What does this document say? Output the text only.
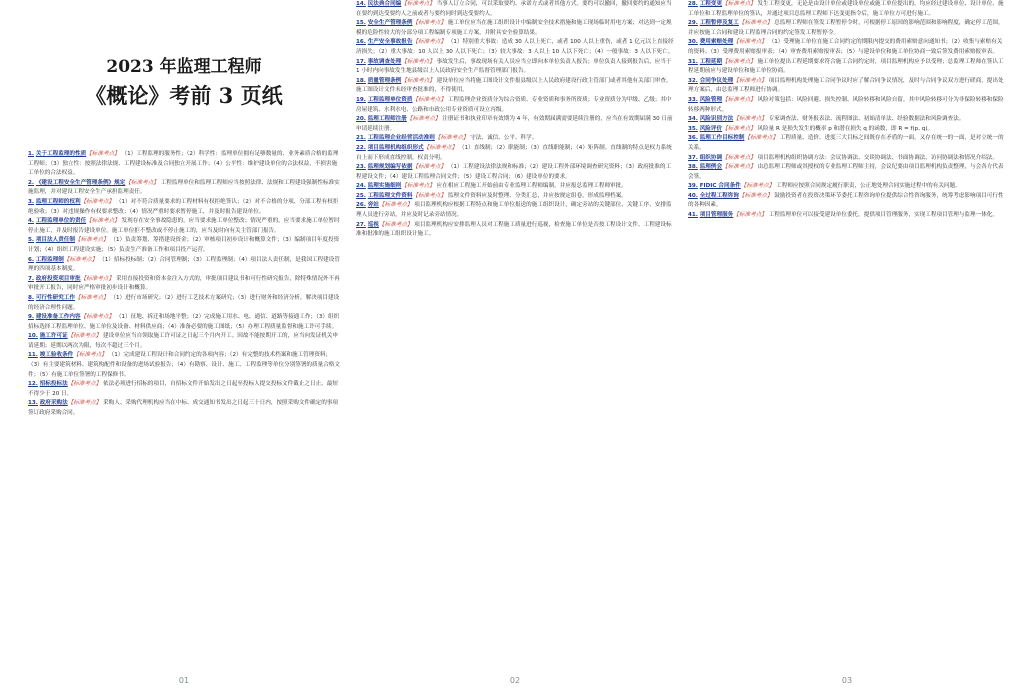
2023 年监理工程师
《概论》考前 3 页纸

1. 关于工程监理的性质【标准考点】 （1）工程监理的服务性；（2）科学性：监理单位拥有足够数量的、业务素质合格的监理工程师；（3）独立性：按照法律法规、工程建设标准及合同独立开展工作；（4）公平性：维护建设单位的合法权益，不损害施工单位的合法权益。

2. 《建设工程安全生产管理条例》规定【标准考点】 工程监理单位和监理工程师应当按照法律、法规和工程建设强制性标准实施监理，并对建设工程安全生产承担监理责任。

3. 监理工程师的权利【标准考点】 （1）对不符合质量要求的工程材料有权拒绝签认；（2）对不合格的分项、分部工程有权拒绝验收；（3）对违规操作有权要求整改；（4）情况严重时要求暂停施工，并及时报告建设单位。

4. 工程监理单位的责任【标准考点】 发现存在安全事故隐患的，应当要求施工单位整改；情况严重的，应当要求施工单位暂时停止施工，并及时报告建设单位。施工单位拒不整改或不停止施工的，应当及时向有关主管部门报告。

5. 项目法人责任制【标准考点】 （1）负责筹划、筹措建设资金；（2）审核项目初步设计和概算文件；（3）编制项目年度投资计划；（4）组织工程建设实施；（5）负责生产准备工作和项目投产运营。

6. 工程监理制【标准考点】 （1）招标投标制；（2）合同管理制；（3）工程监理制；（4）项目法人责任制，是我国工程建设管理的四项基本制度。

7. 政府投资项目审批【标准考点】 采用直接投资和资本金注入方式的，审批项目建议书和可行性研究报告，除特殊情况外不再审批开工报告，同时应严格审批初步设计和概算。

8. 可行性研究工作【标准考点】 （1）进行市场研究；（2）进行工艺技术方案研究；（3）进行财务和经济分析，解决项目建设的经济合理性问题。

9. 建设准备工作内容【标准考点】 （1）征地、拆迁和场地平整；（2）完成施工用水、电、通信、道路等接通工作；（3）组织招标选择工程监理单位、施工单位及设备、材料供应商；（4）准备必要的施工图纸；（5）办理工程质量监督和施工许可手续。

10. 施工许可证【标准考点】 建设单位应当自领取施工许可证之日起三个月内开工。因故不能按期开工的，应当向发证机关申请延期；延期以两次为限，每次不超过三个月。

11. 竣工验收条件【标准考点】 （1）完成建设工程设计和合同约定的各项内容；（2）有完整的技术档案和施工管理资料；（3）有主要建筑材料、建筑构配件和设备的进场试验报告；（4）有勘察、设计、施工、工程监理等单位分别签署的质量合格文件；（5）有施工单位签署的工程保修书。

12. 招标投标法【标准考点】 依法必须进行招标的项目，自招标文件开始发出之日起至投标人提交投标文件截止之日止，最短不得少于 20 日。

13. 政府采购法【标准考点】 采购人、采购代理机构应当在中标、成交通知书发出之日起三十日内，按照采购文件确定的事项签订政府采购合同。

14. 民法典合同编【标准考点】 当事人订立合同，可以采取要约、承诺方式或者其他方式。要约可以撤回，撤回要约的通知应当在要约到达受要约人之前或者与要约同时到达受要约人。

15. 安全生产管理条例【标准考点】 施工单位应当在施工组织设计中编制安全技术措施和施工现场临时用电方案；对达到一定规模的危险性较大的分部分项工程编制专项施工方案，并附具安全验算结果。

16. 生产安全事故报告【标准考点】 （1）特别重大事故：造成 30 人以上死亡，或者 100 人以上重伤，或者 1 亿元以上直接经济损失；（2）重大事故：10 人以上 30 人以下死亡；（3）较大事故：3 人以上 10 人以下死亡；（4）一般事故：3 人以下死亡。

17. 事故调查处理【标准考点】 事故发生后，事故现场有关人员应当立即向本单位负责人报告；单位负责人接到报告后，应当于 1 小时内向事故发生地县级以上人民政府安全生产监督管理部门报告。

18. 质量管理条例【标准考点】 建设单位应当将施工图设计文件报县级以上人民政府建设行政主管部门或者其他有关部门审查。施工图设计文件未经审查批准的，不得使用。

19. 工程监理单位资质【标准考点】 工程监理企业资质分为综合资质、专业资质和事务所资质；专业资质分为甲级、乙级；其中房屋建筑、水利水电、公路和市政公用专业资质可设立丙级。

20. 监理工程师注册【标准考点】 注册证书和执业印章有效期为 4 年，有效期届满需要延续注册的，应当在有效期届满 30 日前申请延续注册。

21. 工程监理企业经营活动准则【标准考点】 守法、诚信、公平、科学。

22. 项目监理机构组织形式【标准考点】 （1）直线制；（2）职能制；（3）直线职能制；（4）矩阵制。直线制的特点是权力系统自上而下形成直线控制，权责分明。

23. 监理规划编写依据【标准考点】 （1）工程建设法律法规和标准；（2）建设工程外部环境调查研究资料；（3）政府批准的工程建设文件；（4）建设工程监理合同文件；（5）建设工程合同；（6）建设单位的要求。

24. 监理实施细则【标准考点】 应在相应工程施工开始前由专业监理工程师编制，并应报总监理工程师审批。

25. 工程监理文件资料【标准考点】 监理文件资料应及时整理、分类汇总，并应按规定组卷，形成监理档案。

26. 旁站【标准考点】 项目监理机构应根据工程特点和施工单位报送的施工组织设计，确定旁站的关键部位、关键工序，安排监理人员进行旁站，并应及时记录旁站情况。

27. 巡视【标准考点】 项目监理机构应安排监理人员对工程施工质量进行巡视，检查施工单位是否按工程设计文件、工程建设标准和批准的施工组织设计施工。

28. 工程变更【标准考点】 发生工程变更，无论是由设计单位或建设单位或施工单位提出的，均应经过建设单位、设计单位、施工单位和工程监理单位的签认，并通过项目总监理工程师下达变更指令后，施工单位方可进行施工。

29. 工程暂停及复工【标准考点】 总监理工程师在签发工程暂停令时，可根据停工原因的影响范围和影响程度，确定停工范围，并应按施工合同和建设工程监理合同的约定签发工程暂停令。

30. 费用索赔处理【标准考点】 （1）受理施工单位在施工合同约定的期限内提交的费用索赔意向通知书；（2）收集与索赔有关的资料；（3）受理费用索赔报审表；（4）审查费用索赔报审表；（5）与建设单位和施工单位协商一致后签发费用索赔报审表。

31. 工程延期【标准考点】 施工单位提出工程延期要求符合施工合同约定时，项目监理机构应予以受理；总监理工程师在签认工程延期前应与建设单位和施工单位协商。

32. 合同争议处理【标准考点】 项目监理机构处理施工合同争议时应了解合同争议情况，及时与合同争议双方进行磋商，提出处理方案后，由总监理工程师进行协调。

33. 风险管理【标准考点】 风险对策包括：风险回避、损失控制、风险转移和风险自留。其中风险转移可分为非保险转移和保险转移两种形式。

34. 风险识别方法【标准考点】 专家调查法、财务报表法、流程图法、初始清单法、经验数据法和风险调查法。

35. 风险评价【标准考点】 风险量 R 是损失发生的概率 p 和潜在损失 q 的函数，即 R = f(p, q)。

36. 监理工作目标控制【标准考点】 工程质量、造价、进度三大目标之间既存在矛盾的一面，又存在统一的一面，是对立统一的关系。

37. 组织协调【标准考点】 项目监理机构组织协调方法：会议协调法、交谈协调法、书面协调法、访问协调法和情况介绍法。

38. 监理例会【标准考点】 由总监理工程师或其授权的专业监理工程师主持，会议纪要由项目监理机构负责整理，与会各方代表会签。

39. FIDIC 合同条件【标准考点】 工程师应按照合同规定履行职责，公正地处理合同实施过程中的有关问题。

40. 全过程工程咨询【标准考点】 鼓励投资者在投资决策环节委托工程咨询单位提供综合性咨询服务，统筹考虑影响项目可行性的各种因素。

41. 项目管理服务【标准考点】 工程监理单位可以接受建设单位委托，提供项目管理服务，实现工程项目管理与监理一体化。

01	02	03
